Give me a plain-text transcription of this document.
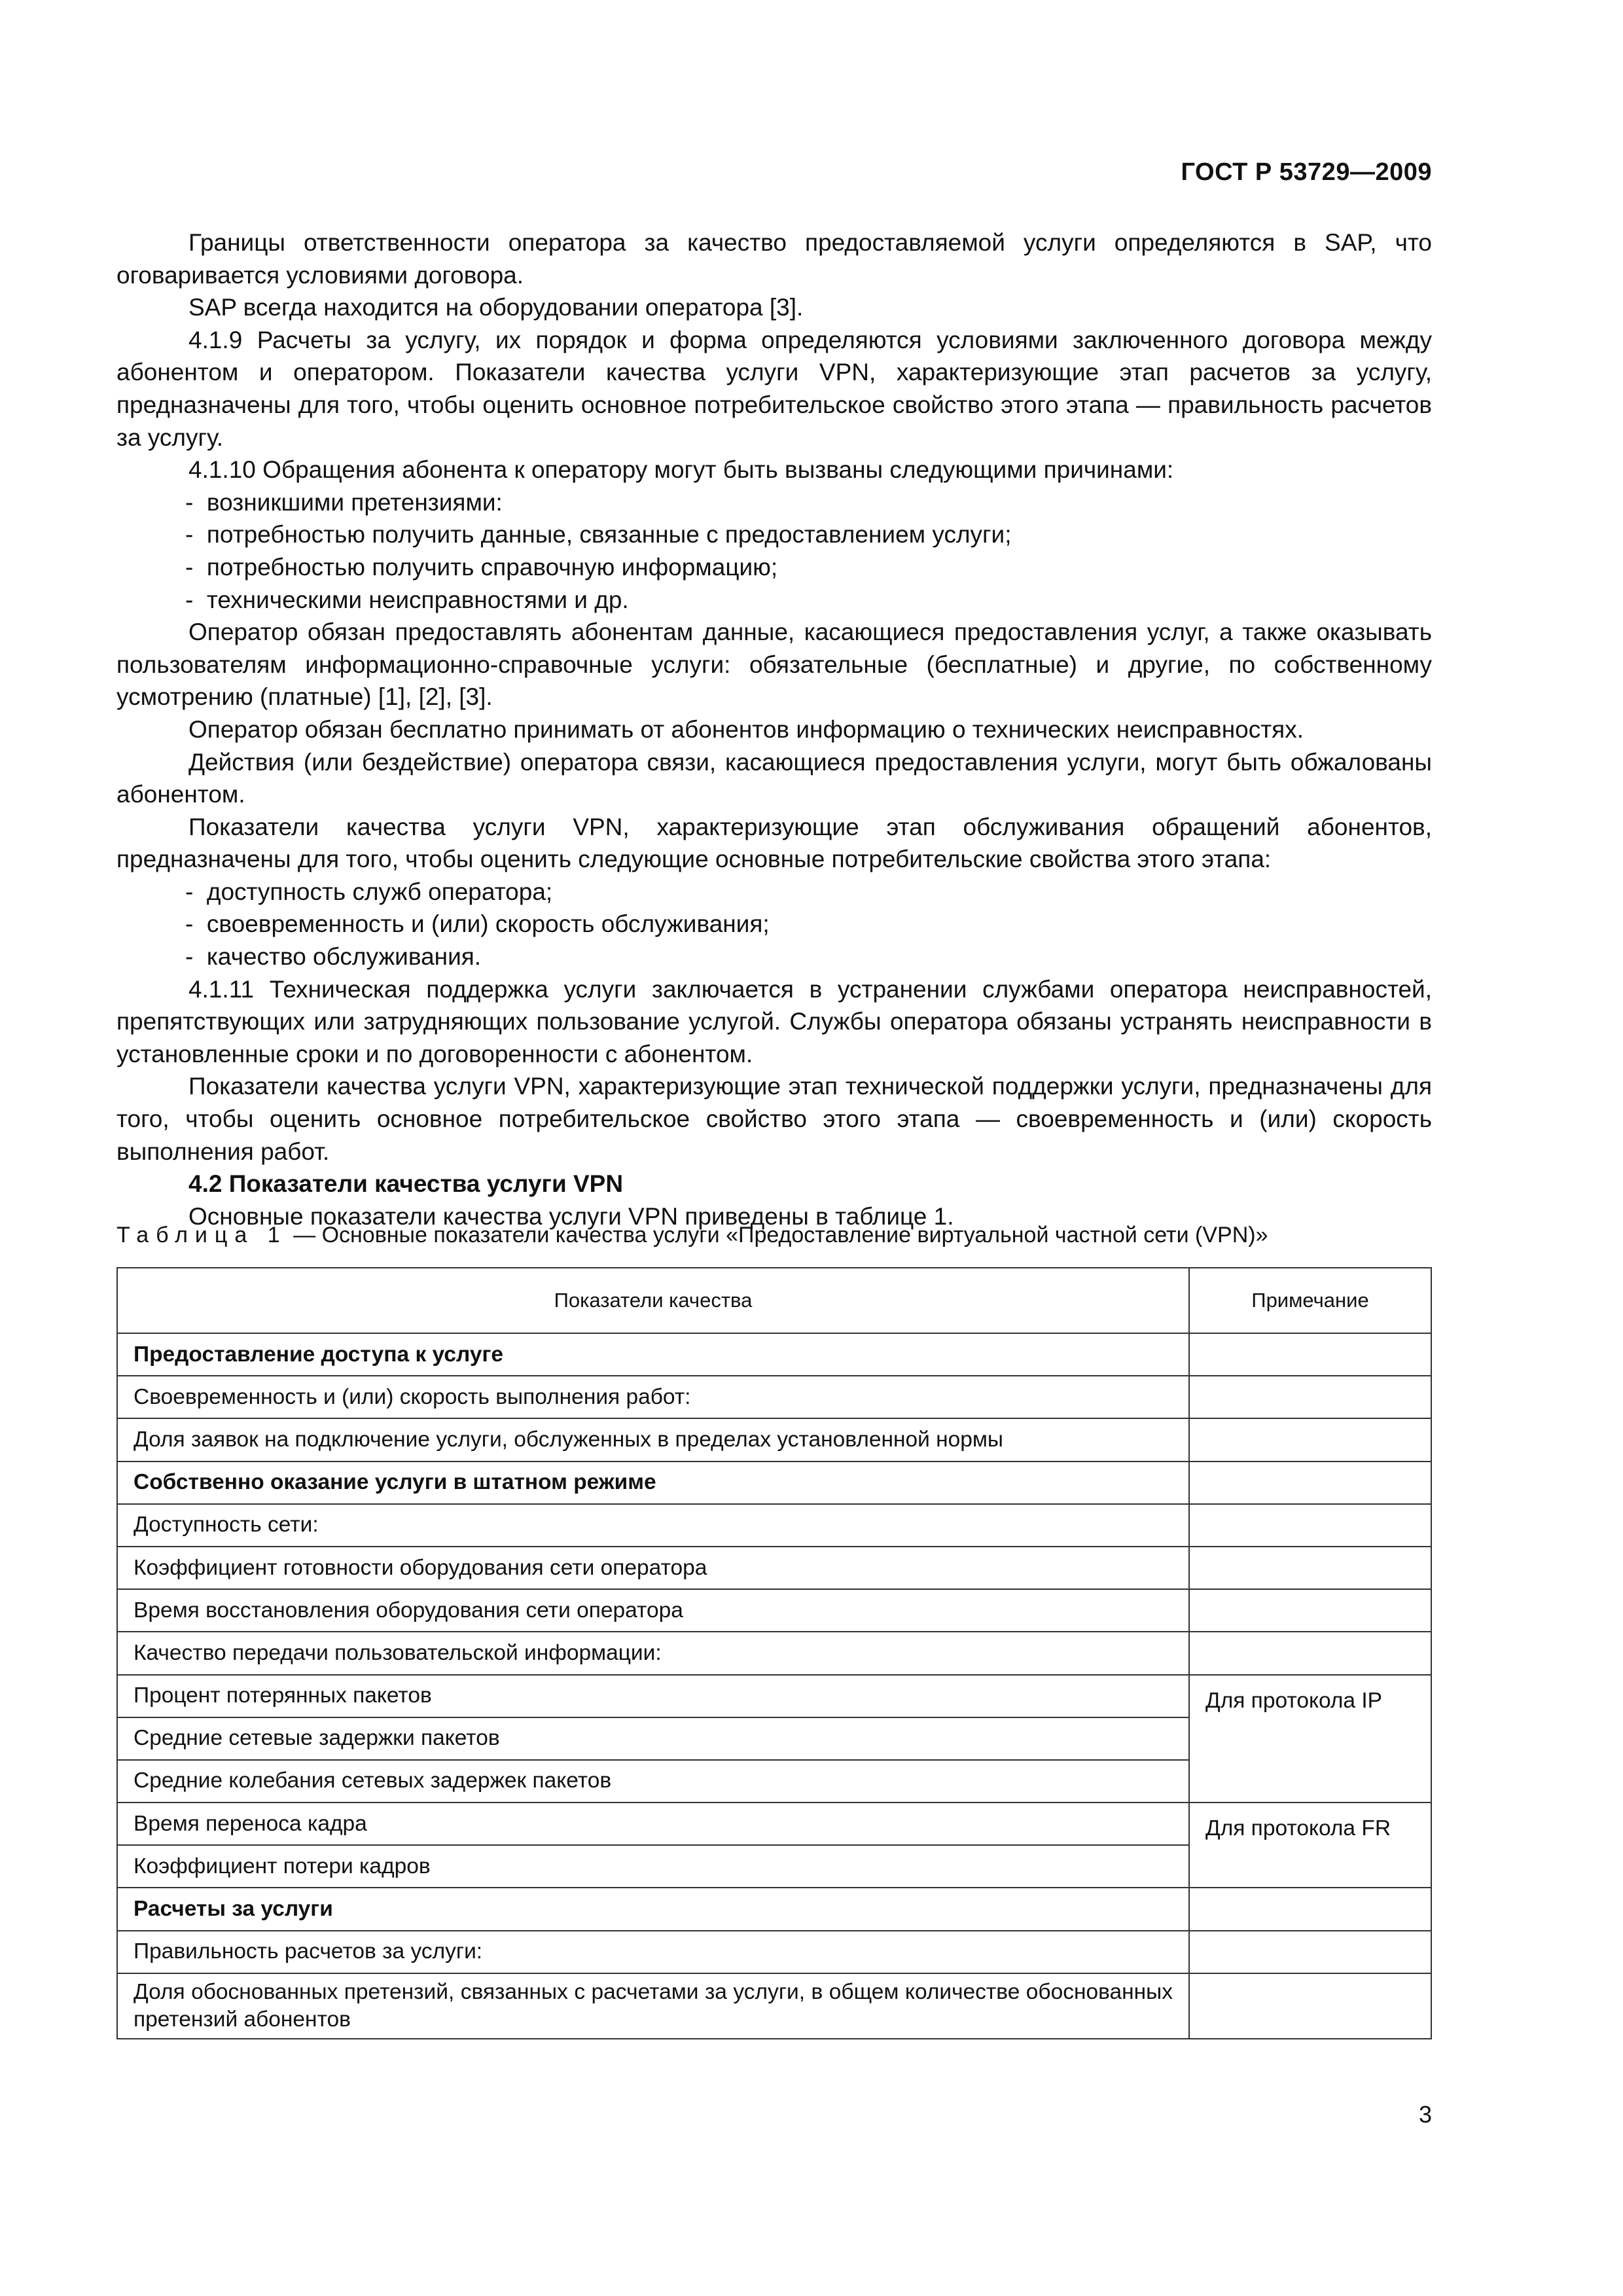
ГОСТ Р 53729—2009

Границы ответственности оператора за качество предоставляемой услуги определяются в SAP, что оговаривается условиями договора.

SAP всегда находится на оборудовании оператора [3].

4.1.9 Расчеты за услугу, их порядок и форма определяются условиями заключенного договора между абонентом и оператором. Показатели качества услуги VPN, характеризующие этап расчетов за услугу, предназначены для того, чтобы оценить основное потребительское свойство этого этапа — правильность расчетов за услугу.

4.1.10 Обращения абонента к оператору могут быть вызваны следующими причинами:

-  возникшими претензиями:

-  потребностью получить данные, связанные с предоставлением услуги;

-  потребностью получить справочную информацию;

-  техническими неисправностями и др.

Оператор обязан предоставлять абонентам данные, касающиеся предоставления услуг, а также оказывать пользователям информационно-справочные услуги: обязательные (бесплатные) и другие, по собственному усмотрению (платные) [1], [2], [3].

Оператор обязан бесплатно принимать от абонентов информацию о технических неисправностях.

Действия (или бездействие) оператора связи, касающиеся предоставления услуги, могут быть обжалованы абонентом.

Показатели качества услуги VPN, характеризующие этап обслуживания обращений абонентов, предназначены для того, чтобы оценить следующие основные потребительские свойства этого этапа:

-  доступность служб оператора;

-  своевременность и (или) скорость обслуживания;

-  качество обслуживания.

4.1.11 Техническая поддержка услуги заключается в устранении службами оператора неисправностей, препятствующих или затрудняющих пользование услугой. Службы оператора обязаны устранять неисправности в установленные сроки и по договоренности с абонентом.

Показатели качества услуги VPN, характеризующие этап технической поддержки услуги, предназначены для того, чтобы оценить основное потребительское свойство этого этапа — своевременность и (или) скорость выполнения работ.

4.2 Показатели качества услуги VPN

Основные показатели качества услуги VPN приведены в таблице 1.

Таблица 1 — Основные показатели качества услуги «Предоставление виртуальной частной сети (VPN)»
Показатели качества	Примечание
Предоставление доступа к услуге	
Своевременность и (или) скорость выполнения работ:	
Доля заявок на подключение услуги, обслуженных в пределах установленной нормы	
Собственно оказание услуги в штатном режиме	
Доступность сети:	
Коэффициент готовности оборудования сети оператора	
Время восстановления оборудования сети оператора	
Качество передачи пользовательской информации:	
Процент потерянных пакетов	Для протокола IP
Средние сетевые задержки пакетов	
Средние колебания сетевых задержек пакетов	
Время переноса кадра	Для протокола FR
Коэффициент потери кадров	
Расчеты за услуги	
Правильность расчетов за услуги:	
Доля обоснованных претензий, связанных с расчетами за услуги, в общем количестве обоснованных претензий абонентов	
3
